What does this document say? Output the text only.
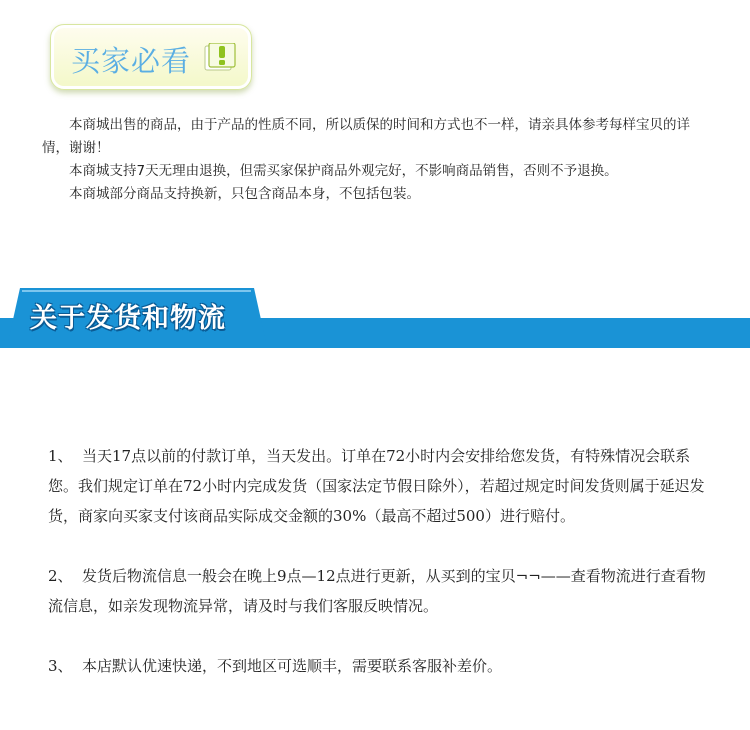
买家必看

本商城出售的商品，由于产品的性质不同，所以质保的时间和方式也不一样，请亲具体参考每样宝贝的详情，谢谢！

本商城支持7天无理由退换，但需买家保护商品外观完好，不影响商品销售，否则不予退换。

本商城部分商品支持换新，只包含商品本身，不包括包装。

关于发货和物流

1、 当天17点以前的付款订单，当天发出。订单在72小时内会安排给您发货，有特殊情况会联系您。我们规定订单在72小时内完成发货（国家法定节假日除外），若超过规定时间发货则属于延迟发货，商家向买家支付该商品实际成交金额的30%（最高不超过500）进行赔付。

2、 发货后物流信息一般会在晚上9点—12点进行更新，从买到的宝贝¬¬——查看物流进行查看物流信息，如亲发现物流异常，请及时与我们客服反映情况。

3、 本店默认优速快递，不到地区可选顺丰，需要联系客服补差价。
